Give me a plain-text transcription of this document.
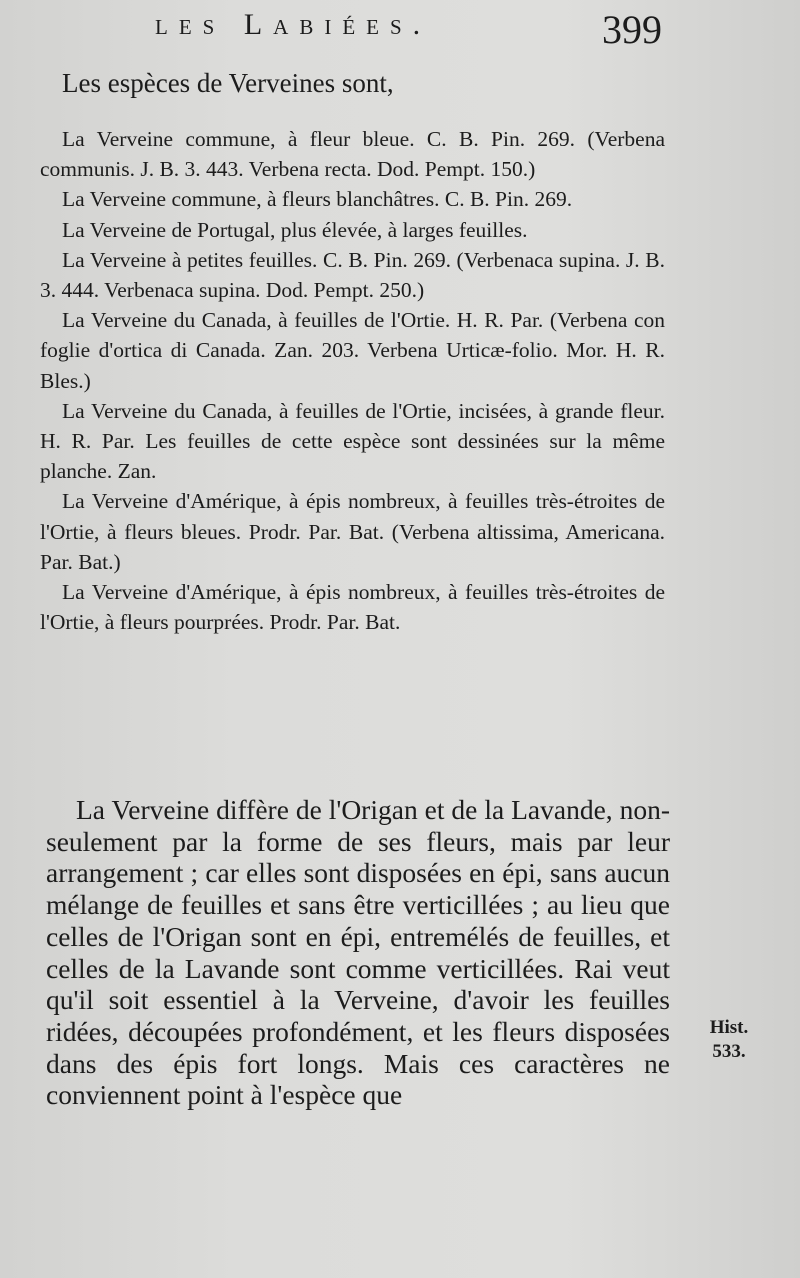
les Labiées.	399
Les espèces de Verveines sont,

La Verveine commune, à fleur bleue. C. B. Pin. 269. (Verbena communis. J. B. 3. 443. Verbena recta. Dod. Pempt. 150.)

La Verveine commune, à fleurs blanchâtres. C. B. Pin. 269.

La Verveine de Portugal, plus élevée, à larges feuilles.

La Verveine à petites feuilles. C. B. Pin. 269. (Verbenaca supina. J. B. 3. 444. Verbenaca supina. Dod. Pempt. 250.)

La Verveine du Canada, à feuilles de l'Ortie. H. R. Par. (Verbena con foglie d'ortica di Canada. Zan. 203. Verbena Urticæ-folio. Mor. H. R. Bles.)

La Verveine du Canada, à feuilles de l'Ortie, incisées, à grande fleur. H. R. Par. Les feuilles de cette espèce sont dessinées sur la même planche. Zan.

La Verveine d'Amérique, à épis nombreux, à feuilles très-étroites de l'Ortie, à fleurs bleues. Prodr. Par. Bat. (Verbena altissima, Americana. Par. Bat.)

La Verveine d'Amérique, à épis nombreux, à feuilles très-étroites de l'Ortie, à fleurs pourprées. Prodr. Par. Bat.

La Verveine diffère de l'Origan et de la Lavande, non-seulement par la forme de ses fleurs, mais par leur arrangement ; car elles sont disposées en épi, sans aucun mélange de feuilles et sans être verticillées ; au lieu que celles de l'Origan sont en épi, entremélés de feuilles, et celles de la Lavande sont comme verticillées. Rai veut qu'il soit essentiel à la Verveine, d'avoir les feuilles ridées, découpées profondément, et les fleurs disposées dans des épis fort longs. Mais ces caractères ne conviennent point à l'espèce que

Hist.
533.
